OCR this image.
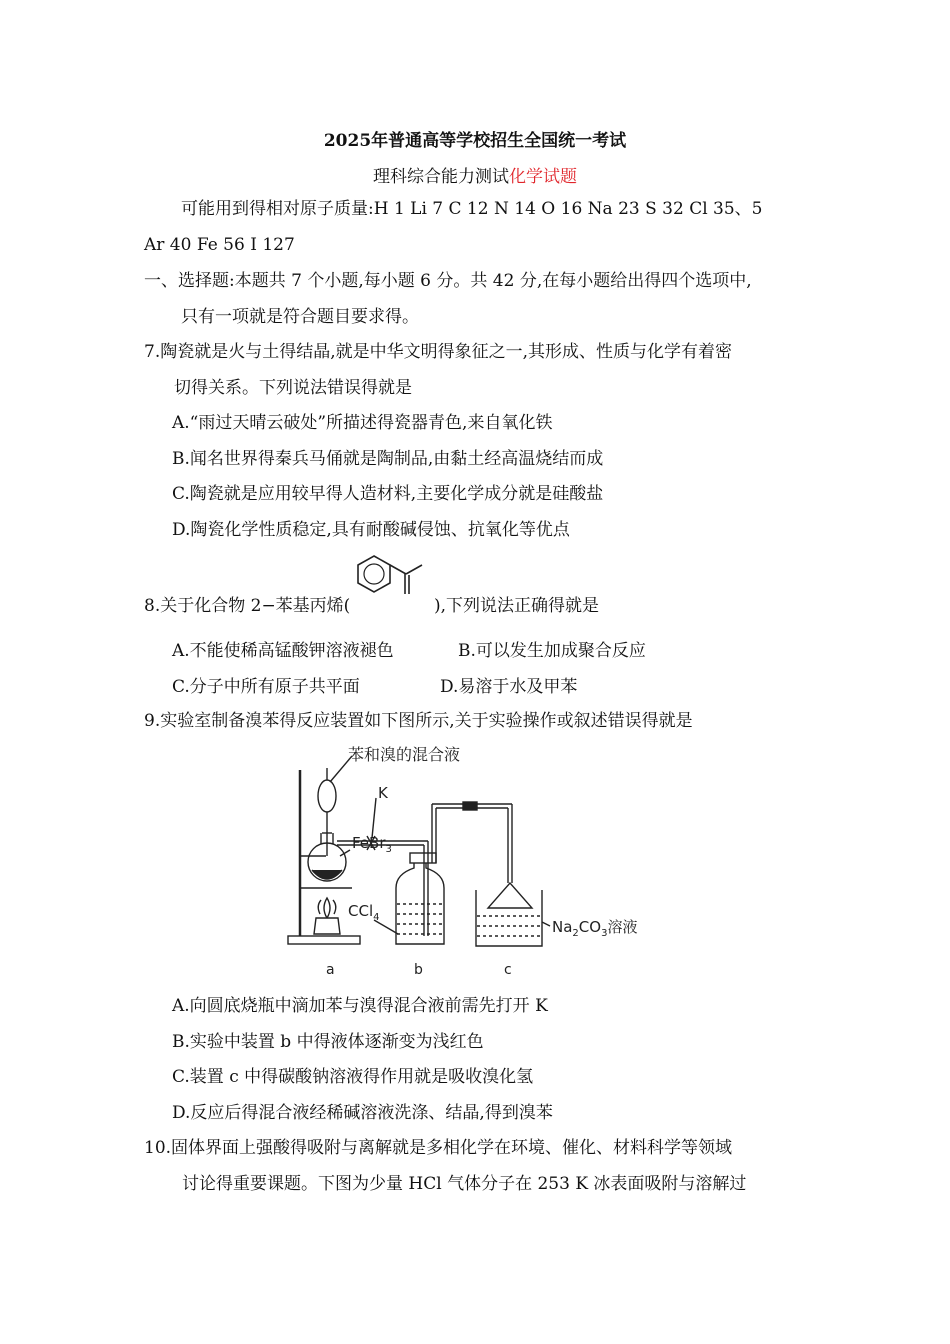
2025年普通高等学校招生全国统一考试
理科综合能力测试化学试题
可能用到得相对原子质量:H 1 Li 7 C 12 N 14 O 16 Na 23 S 32 Cl 35、5
Ar 40 Fe 56 I 127
一、选择题:本题共 7 个小题,每小题 6 分。共 42 分,在每小题给出得四个选项中,
只有一项就是符合题目要求得。
7.陶瓷就是火与土得结晶,就是中华文明得象征之一,其形成、性质与化学有着密
切得关系。下列说法错误得就是
A.“雨过天晴云破处”所描述得瓷器青色,来自氧化铁
B.闻名世界得秦兵马俑就是陶制品,由黏土经高温烧结而成
C.陶瓷就是应用较早得人造材料,主要化学成分就是硅酸盐
D.陶瓷化学性质稳定,具有耐酸碱侵蚀、抗氧化等优点
8.关于化合物 2−苯基丙烯(	),下列说法正确得就是
A.不能使稀高锰酸钾溶液褪色	B.可以发生加成聚合反应
C.分子中所有原子共平面	D.易溶于水及甲苯
9.实验室制备溴苯得反应装置如下图所示,关于实验操作或叙述错误得就是
苯和溴的混合液
K
FeBr$_3$
CCl$_4$
$Na_2CO_3$溶液
a	b	c
A.向圆底烧瓶中滴加苯与溴得混合液前需先打开 K
B.实验中装置 b 中得液体逐渐变为浅红色
C.装置 c 中得碳酸钠溶液得作用就是吸收溴化氢
D.反应后得混合液经稀碱溶液洗涤、结晶,得到溴苯
10.固体界面上强酸得吸附与离解就是多相化学在环境、催化、材料科学等领域
讨论得重要课题。下图为少量 HCl 气体分子在 253 K 冰表面吸附与溶解过
